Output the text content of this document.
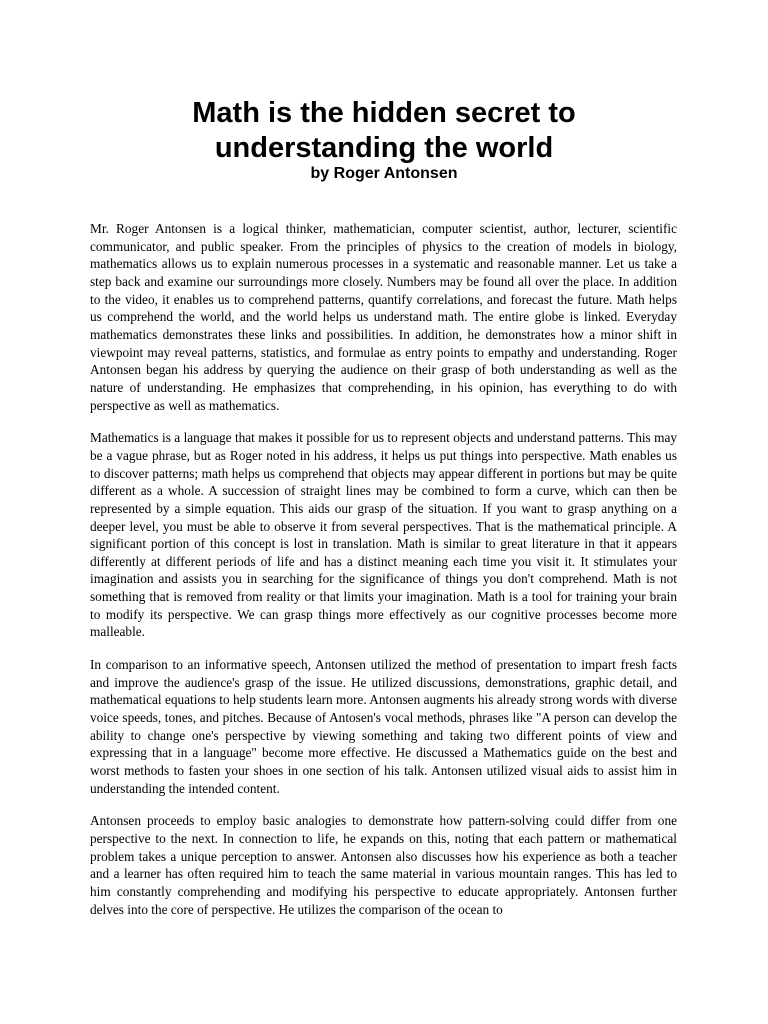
Math is the hidden secret to
understanding the world
by Roger Antonsen

Mr. Roger Antonsen is a logical thinker, mathematician, computer scientist, author, lecturer, scientific communicator, and public speaker. From the principles of physics to the creation of models in biology, mathematics allows us to explain numerous processes in a systematic and reasonable manner. Let us take a step back and examine our surroundings more closely. Numbers may be found all over the place. In addition to the video, it enables us to comprehend patterns, quantify correlations, and forecast the future. Math helps us comprehend the world, and the world helps us understand math. The entire globe is linked. Everyday mathematics demonstrates these links and possibilities. In addition, he demonstrates how a minor shift in viewpoint may reveal patterns, statistics, and formulae as entry points to empathy and understanding. Roger Antonsen began his address by querying the audience on their grasp of both understanding as well as the nature of understanding. He emphasizes that comprehending, in his opinion, has everything to do with perspective as well as mathematics.

Mathematics is a language that makes it possible for us to represent objects and understand patterns. This may be a vague phrase, but as Roger noted in his address, it helps us put things into perspective. Math enables us to discover patterns; math helps us comprehend that objects may appear different in portions but may be quite different as a whole. A succession of straight lines may be combined to form a curve, which can then be represented by a simple equation. This aids our grasp of the situation. If you want to grasp anything on a deeper level, you must be able to observe it from several perspectives. That is the mathematical principle. A significant portion of this concept is lost in translation. Math is similar to great literature in that it appears differently at different periods of life and has a distinct meaning each time you visit it. It stimulates your imagination and assists you in searching for the significance of things you don't comprehend. Math is not something that is removed from reality or that limits your imagination. Math is a tool for training your brain to modify its perspective. We can grasp things more effectively as our cognitive processes become more malleable.

In comparison to an informative speech, Antonsen utilized the method of presentation to impart fresh facts and improve the audience's grasp of the issue. He utilized discussions, demonstrations, graphic detail, and mathematical equations to help students learn more. Antonsen augments his already strong words with diverse voice speeds, tones, and pitches. Because of Antosen's vocal methods, phrases like "A person can develop the ability to change one's perspective by viewing something and taking two different points of view and expressing that in a language" become more effective. He discussed a Mathematics guide on the best and worst methods to fasten your shoes in one section of his talk. Antonsen utilized visual aids to assist him in understanding the intended content.

Antonsen proceeds to employ basic analogies to demonstrate how pattern-solving could differ from one perspective to the next. In connection to life, he expands on this, noting that each pattern or mathematical problem takes a unique perception to answer. Antonsen also discusses how his experience as both a teacher and a learner has often required him to teach the same material in various mountain ranges. This has led to him constantly comprehending and modifying his perspective to educate appropriately. Antonsen further delves into the core of perspective. He utilizes the comparison of the ocean to
